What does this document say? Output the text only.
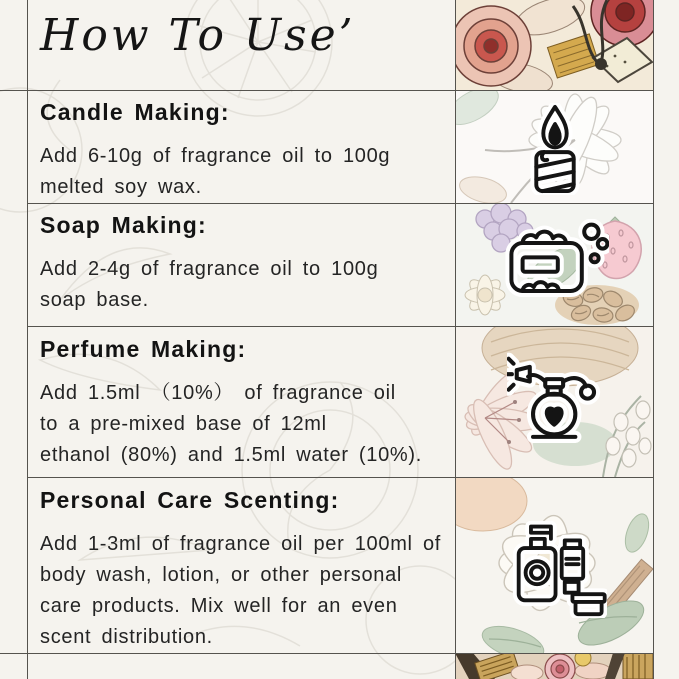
How To Use’
Candle Making:

Add 6-10g of fragrance oil to 100g

melted soy wax.

Soap Making:

Add 2-4g of fragrance oil to 100g

soap base.

Perfume Making:

Add 1.5ml （10%） of fragrance oil

to a pre-mixed base of 12ml

ethanol (80%) and 1.5ml water (10%).

Personal Care Scenting:

Add 1-3ml of fragrance oil per 100ml of

body wash, lotion, or other personal

care products. Mix well for an even

scent distribution.
